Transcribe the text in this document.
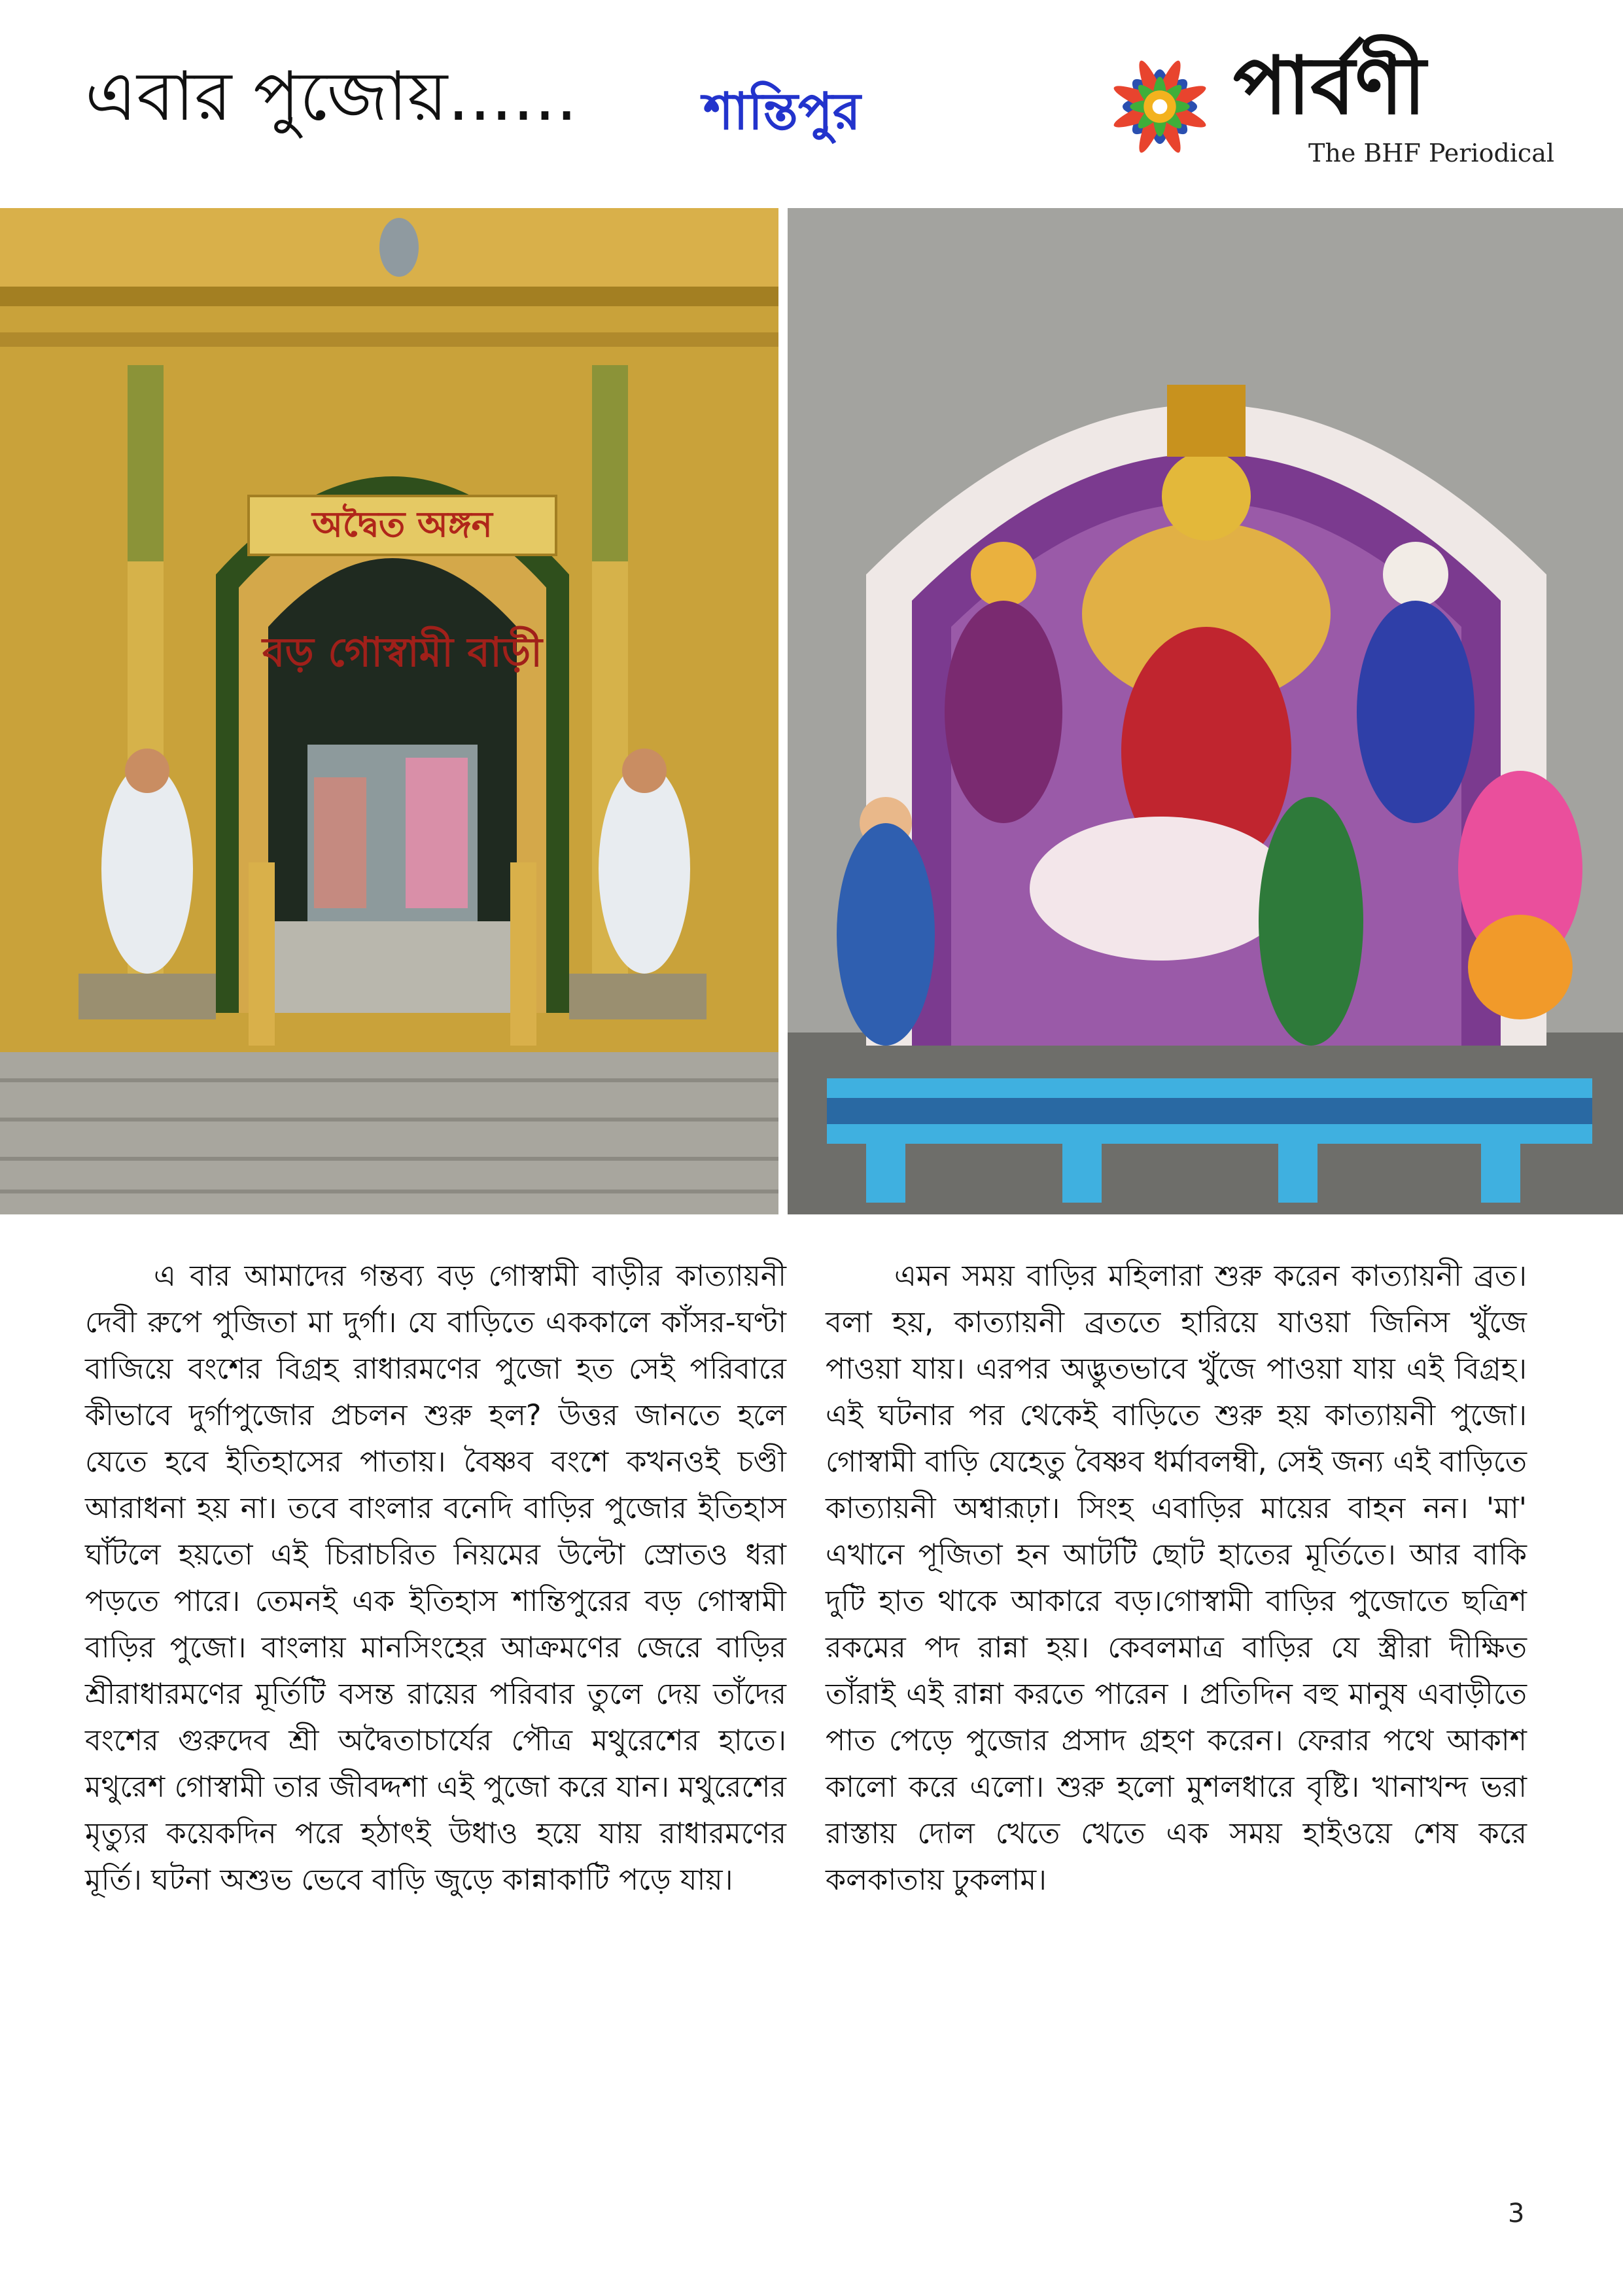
এবার পুজোয়...... শান্তিপুর	পার্বণী
The BHF Periodical
অদ্বৈত অঙ্গন
বড় গোস্বামী বাড়ী

এ বার আমাদের গন্তব্য বড় গোস্বামী বাড়ীর কাত্যায়নী দেবী রুপে পুজিতা মা দুর্গা। যে বাড়িতে এককালে কাঁসর-ঘণ্টা বাজিয়ে বংশের বিগ্রহ রাধারমণের পুজো হত সেই পরিবারে কীভাবে দুর্গাপুজোর প্রচলন শুরু হল? উত্তর জানতে হলে যেতে হবে ইতিহাসের পাতায়। বৈষ্ণব বংশে কখনওই চণ্ডী আরাধনা হয় না। তবে বাংলার বনেদি বাড়ির পুজোর ইতিহাস ঘাঁটলে হয়তো এই চিরাচরিত নিয়মের উল্টো স্রোতও ধরা পড়তে পারে। তেমনই এক ইতিহাস শান্তিপুরের বড় গোস্বামী বাড়ির পুজো। বাংলায় মানসিংহের আক্রমণের জেরে বাড়ির শ্রীরাধারমণের মূর্তিটি বসন্ত রায়ের পরিবার তুলে দেয় তাঁদের বংশের গুরুদেব শ্রী অদ্বৈতাচার্যের পৌত্র মথুরেশের হাতে। মথুরেশ গোস্বামী তার জীবদ্দশা এই পুজো করে যান। মথুরেশের মৃত্যুর কয়েকদিন পরে হঠাৎই উধাও হয়ে যায় রাধারমণের মূর্তি। ঘটনা অশুভ ভেবে বাড়ি জুড়ে কান্নাকাটি পড়ে যায়।

এমন সময় বাড়ির মহিলারা শুরু করেন কাত্যায়নী ব্রত। বলা হয়, কাত্যায়নী ব্রততে হারিয়ে যাওয়া জিনিস খুঁজে পাওয়া যায়। এরপর অদ্ভুতভাবে খুঁজে পাওয়া যায় এই বিগ্রহ। এই ঘটনার পর থেকেই বাড়িতে শুরু হয় কাত্যায়নী পুজো। গোস্বামী বাড়ি যেহেতু বৈষ্ণব ধর্মাবলম্বী, সেই জন্য এই বাড়িতে কাত্যায়নী অশ্বারূঢ়া। সিংহ এবাড়ির মায়ের বাহন নন। 'মা' এখানে পূজিতা হন আটটি ছোট হাতের মূর্তিতে। আর বাকি দুটি হাত থাকে আকারে বড়।গোস্বামী বাড়ির পুজোতে ছত্রিশ রকমের পদ রান্না হয়। কেবলমাত্র বাড়ির যে স্ত্রীরা দীক্ষিত তাঁরাই এই রান্না করতে পারেন । প্রতিদিন বহু মানুষ এবাড়ীতে পাত পেড়ে পুজোর প্রসাদ গ্রহণ করেন। ফেরার পথে আকাশ কালো করে এলো। শুরু হলো মুশলধারে বৃষ্টি। খানাখন্দ ভরা রাস্তায় দোল খেতে খেতে এক সময় হাইওয়ে শেষ করে কলকাতায় ঢুকলাম।

3
